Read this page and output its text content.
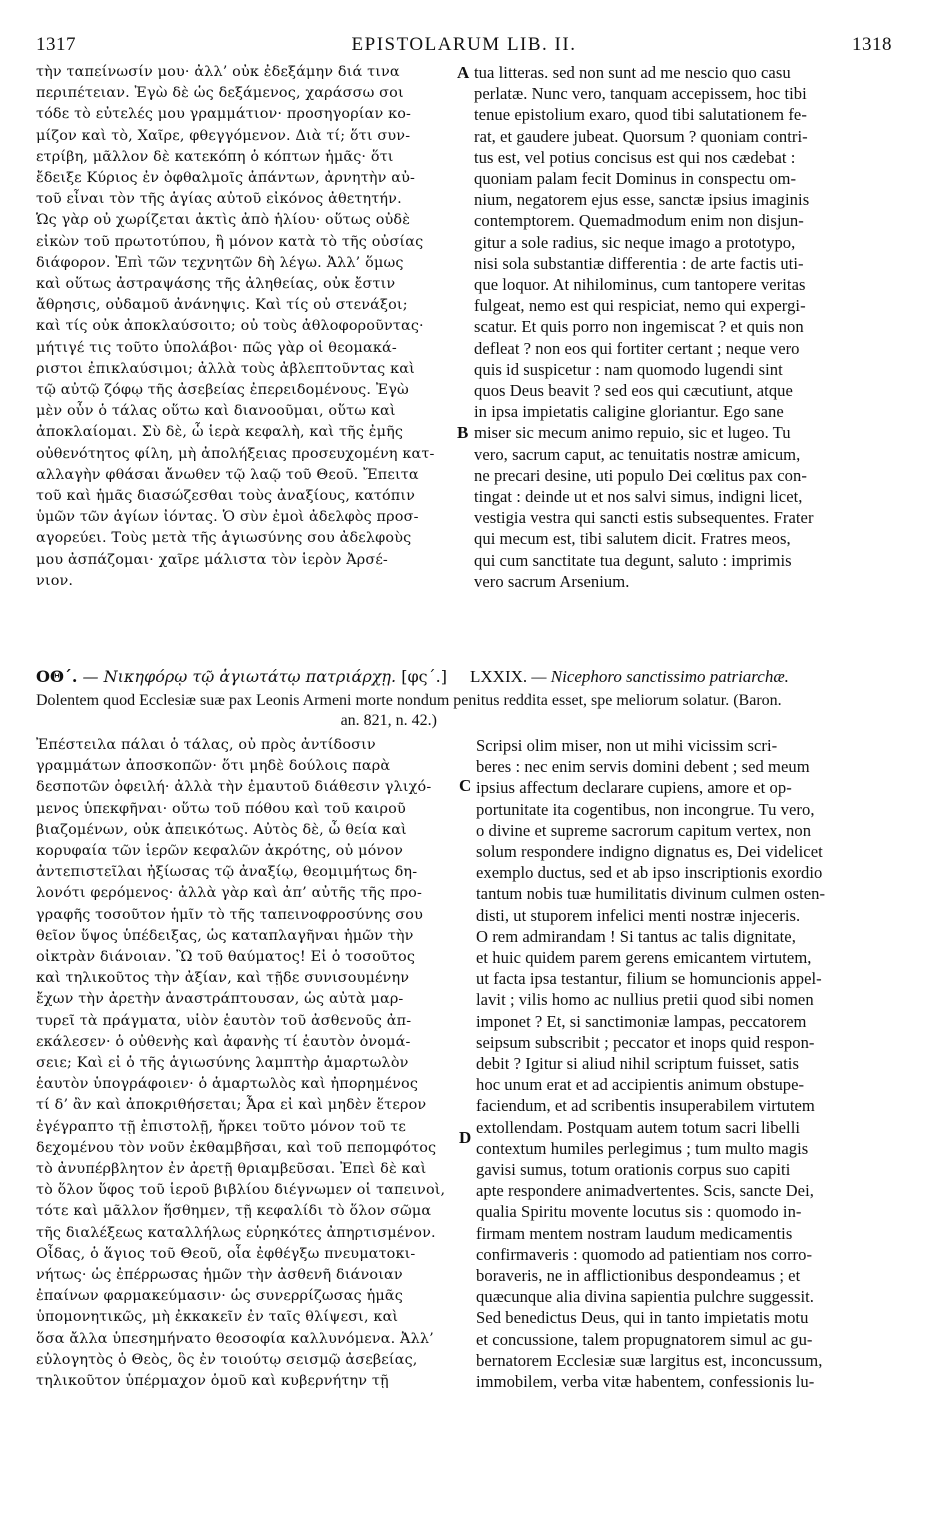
1317	EPISTOLARUM LIB. II.	1318
τὴν ταπείνωσίν μου· ἀλλ’ οὐκ ἐδεξάμην διά τινα
περιπέτειαν. Ἐγὼ δὲ ὡς δεξάμενος, χαράσσω σοι
τόδε τὸ εὐτελές μου γραμμάτιον· προσηγορίαν κο-
μίζον καὶ τὸ, Χαῖρε, φθεγγόμενον. Διὰ τί; ὅτι συν-
ετρίβη, μᾶλλον δὲ κατεκόπη ὁ κόπτων ἡμᾶς· ὅτι
ἔδειξε Κύριος ἐν ὀφθαλμοῖς ἁπάντων, ἀρνητὴν αὐ-
τοῦ εἶναι τὸν τῆς ἁγίας αὐτοῦ εἰκόνος ἀθετητήν.
Ὡς γὰρ οὐ χωρίζεται ἀκτὶς ἀπὸ ἡλίου· οὕτως οὐδὲ
εἰκὼν τοῦ πρωτοτύπου, ἢ μόνον κατὰ τὸ τῆς οὐσίας
διάφορον. Ἐπὶ τῶν τεχνητῶν δὴ λέγω. Ἀλλ’ ὅμως
καὶ οὕτως ἀστραψάσης τῆς ἀληθείας, οὐκ ἔστιν
ἄθρησις, οὐδαμοῦ ἀνάνηψις. Καὶ τίς οὐ στενάξοι;
καὶ τίς οὐκ ἀποκλαύσοιτο; οὐ τοὺς ἀθλοφοροῦντας·
μήτιγέ τις τοῦτο ὑπολάβοι· πῶς γὰρ οἱ θεομακά-
ριστοι ἐπικλαύσιμοι; ἀλλὰ τοὺς ἀβλεπτοῦντας καὶ
τῷ αὐτῷ ζόφῳ τῆς ἀσεβείας ἐπερειδομένους. Ἐγὼ
μὲν οὖν ὁ τάλας οὕτω καὶ διανοοῦμαι, οὕτω καὶ
ἀποκλαίομαι. Σὺ δὲ, ὦ ἱερὰ κεφαλὴ, καὶ τῆς ἐμῆς
οὐθενότητος φίλη, μὴ ἀπολήξειας προσευχομένη κατ-
αλλαγὴν φθάσαι ἄνωθεν τῷ λαῷ τοῦ Θεοῦ. Ἔπειτα
τοῦ καὶ ἡμᾶς διασώζεσθαι τοὺς ἀναξίους, κατόπιν
ὑμῶν τῶν ἁγίων ἰόντας. Ὁ σὺν ἐμοὶ ἀδελφὸς προσ-
αγορεύει. Τοὺς μετὰ τῆς ἁγιωσύνης σου ἀδελφοὺς
μου ἀσπάζομαι· χαῖρε μάλιστα τὸν ἱερὸν Ἀρσέ-
νιον.
tua litteras. sed non sunt ad me nescio quo casu
perlatæ. Nunc vero, tanquam accepissem, hoc tibi
tenue epistolium exaro, quod tibi salutationem fe-
rat, et gaudere jubeat. Quorsum ? quoniam contri-
tus est, vel potius concisus est qui nos cædebat :
quoniam palam fecit Dominus in conspectu om-
nium, negatorem ejus esse, sanctæ ipsius imaginis
contemptorem. Quemadmodum enim non disjun-
gitur a sole radius, sic neque imago a prototypo,
nisi sola substantiæ differentia : de arte factis uti-
que loquor. At nihilominus, cum tantopere veritas
fulgeat, nemo est qui respiciat, nemo qui expergi-
scatur. Et quis porro non ingemiscat ? et quis non
defleat ? non eos qui fortiter certant ; neque vero
quis id suspicetur : nam quomodo lugendi sint
quos Deus beavit ? sed eos qui cæcutiunt, atque
in ipsa impietatis caligine gloriantur. Ego sane
miser sic mecum animo repuio, sic et lugeo. Tu
vero, sacrum caput, ac tenuitatis nostræ amicum,
ne precari desine, uti populo Dei cœlitus pax con-
tingat : deinde ut et nos salvi simus, indigni licet,
vestigia vestra qui sancti estis subsequentes. Frater
qui mecum est, tibi salutem dicit. Fratres meos,
qui cum sanctitate tua degunt, saluto : imprimis
vero sacrum Arsenium.
A
B
C
D
ΟΘ΄. — Νικηφόρῳ τῷ ἁγιωτάτῳ πατριάρχῃ. [φς΄.] LXXIX. — Nicephoro sanctissimo patriarchæ.
Dolentem quod Ecclesiæ suæ pax Leonis Armeni morte nondum penitus reddita esset, spe meliorum solatur. (Baron.
an. 821, n. 42.)
Ἐπέστειλα πάλαι ὁ τάλας, οὐ πρὸς ἀντίδοσιν
γραμμάτων ἀποσκοπῶν· ὅτι μηδὲ δούλοις παρὰ
δεσποτῶν ὀφειλή· ἀλλὰ τὴν ἐμαυτοῦ διάθεσιν γλιχό-
μενος ὑπεκφῆναι· οὕτω τοῦ πόθου καὶ τοῦ καιροῦ
βιαζομένων, οὐκ ἀπεικότως. Αὐτὸς δὲ, ὦ θεία καὶ
κορυφαία τῶν ἱερῶν κεφαλῶν ἀκρότης, οὐ μόνον
ἀντεπιστεῖλαι ἠξίωσας τῷ ἀναξίῳ, θεομιμήτως δη-
λονότι φερόμενος· ἀλλὰ γὰρ καὶ ἀπ’ αὐτῆς τῆς προ-
γραφῆς τοσοῦτον ἡμῖν τὸ τῆς ταπεινοφροσύνης σου
θεῖον ὕψος ὑπέδειξας, ὡς καταπλαγῆναι ἡμῶν τὴν
οἰκτρὰν διάνοιαν. Ὢ τοῦ θαύματος! Εἰ ὁ τοσοῦτος
καὶ τηλικοῦτος τὴν ἀξίαν, καὶ τῇδε συνισουμένην
ἔχων τὴν ἀρετὴν ἀναστράπτουσαν, ὡς αὐτὰ μαρ-
τυρεῖ τὰ πράγματα, υἱὸν ἑαυτὸν τοῦ ἀσθενοῦς ἀπ-
εκάλεσεν· ὁ οὐθενὴς καὶ ἀφανὴς τί ἑαυτὸν ὀνομά-
σειε; Καὶ εἰ ὁ τῆς ἁγιωσύνης λαμπτὴρ ἁμαρτωλὸν
ἑαυτὸν ὑπογράφοιεν· ὁ ἁμαρτωλὸς καὶ ἠπορημένος
τί δ’ ἂν καὶ ἀποκριθήσεται; Ἆρα εἰ καὶ μηδὲν ἕτερον
ἐγέγραπτο τῇ ἐπιστολῇ, ἤρκει τοῦτο μόνον τοῦ τε
δεχομένου τὸν νοῦν ἐκθαμβῆσαι, καὶ τοῦ πεπομφότος
τὸ ἀνυπέρβλητον ἐν ἀρετῇ θριαμβεῦσαι. Ἐπεὶ δὲ καὶ
τὸ ὅλον ὕφος τοῦ ἱεροῦ βιβλίου διέγνωμεν οἱ ταπεινοὶ,
τότε καὶ μᾶλλον ἥσθημεν, τῇ κεφαλίδι τὸ ὅλον σῶμα
τῆς διαλέξεως καταλλήλως εὑρηκότες ἀπηρτισμένον.
Οἶδας, ὁ ἅγιος τοῦ Θεοῦ, οἷα ἐφθέγξω πνευματοκι-
νήτως· ὡς ἐπέρρωσας ἡμῶν τὴν ἀσθενῆ διάνοιαν
ἐπαίνων φαρμακεύμασιν· ὡς συνερρίζωσας ἡμᾶς
ὑπομονητικῶς, μὴ ἐκκακεῖν ἐν ταῖς θλίψεσι, καὶ
ὅσα ἄλλα ὑπεσημήνατο θεοσοφία καλλυνόμενα. Ἀλλ’
εὐλογητὸς ὁ Θεὸς, ὃς ἐν τοιούτῳ σεισμῷ ἀσεβείας,
τηλικοῦτον ὑπέρμαχον ὁμοῦ καὶ κυβερνήτην τῇ
Scripsi olim miser, non ut mihi vicissim scri-
beres : nec enim servis domini debent ; sed meum
ipsius affectum declarare cupiens, amore et op-
portunitate ita cogentibus, non incongrue. Tu vero,
o divine et supreme sacrorum capitum vertex, non
solum respondere indigno dignatus es, Dei videlicet
exemplo ductus, sed et ab ipso inscriptionis exordio
tantum nobis tuæ humilitatis divinum culmen osten-
disti, ut stuporem infelici menti nostræ injeceris.
O rem admirandam ! Si tantus ac talis dignitate,
et huic quidem parem gerens emicantem virtutem,
ut facta ipsa testantur, filium se homuncionis appel-
lavit ; vilis homo ac nullius pretii quod sibi nomen
imponet ? Et, si sanctimoniæ lampas, peccatorem
seipsum subscribit ; peccator et inops quid respon-
debit ? Igitur si aliud nihil scriptum fuisset, satis
hoc unum erat et ad accipientis animum obstupe-
faciendum, et ad scribentis insuperabilem virtutem
extollendam. Postquam autem totum sacri libelli
contextum humiles perlegimus ; tum multo magis
gavisi sumus, totum orationis corpus suo capiti
apte respondere animadvertentes. Scis, sancte Dei,
qualia Spiritu movente locutus sis : quomodo in-
firmam mentem nostram laudum medicamentis
confirmaveris : quomodo ad patientiam nos corro-
boraveris, ne in afflictionibus despondeamus ; et
quæcunque alia divina sapientia pulchre suggessit.
Sed benedictus Deus, qui in tanto impietatis motu
et concussione, talem propugnatorem simul ac gu-
bernatorem Ecclesiæ suæ largitus est, inconcussum,
immobilem, verba vitæ habentem, confessionis lu-
